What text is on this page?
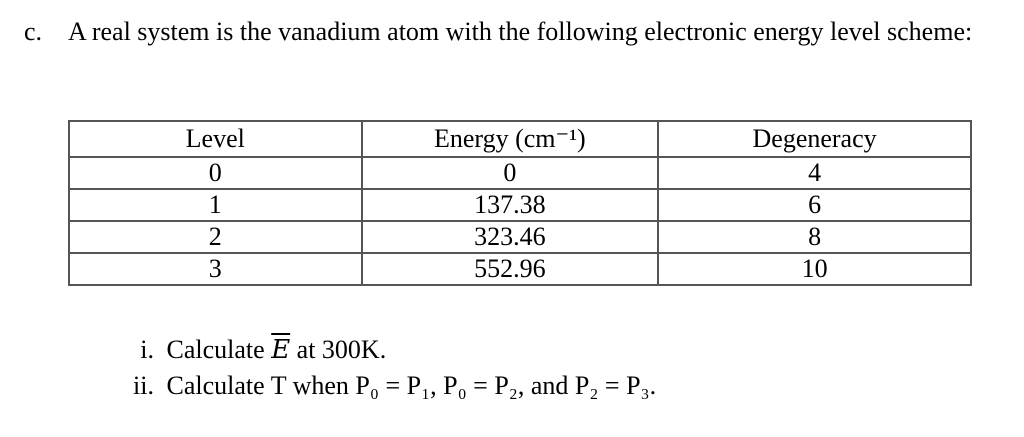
c. A real system is the vanadium atom with the following electronic energy level scheme:
Level	Energy (cm⁻¹)	Degeneracy
0	0	4
1	137.38	6
2	323.46	8
3	552.96	10
i. Calculate $\overline{E}$ at 300K.
ii. Calculate T when P₀ = P₁, P₀ = P₂, and P₂ = P₃.
